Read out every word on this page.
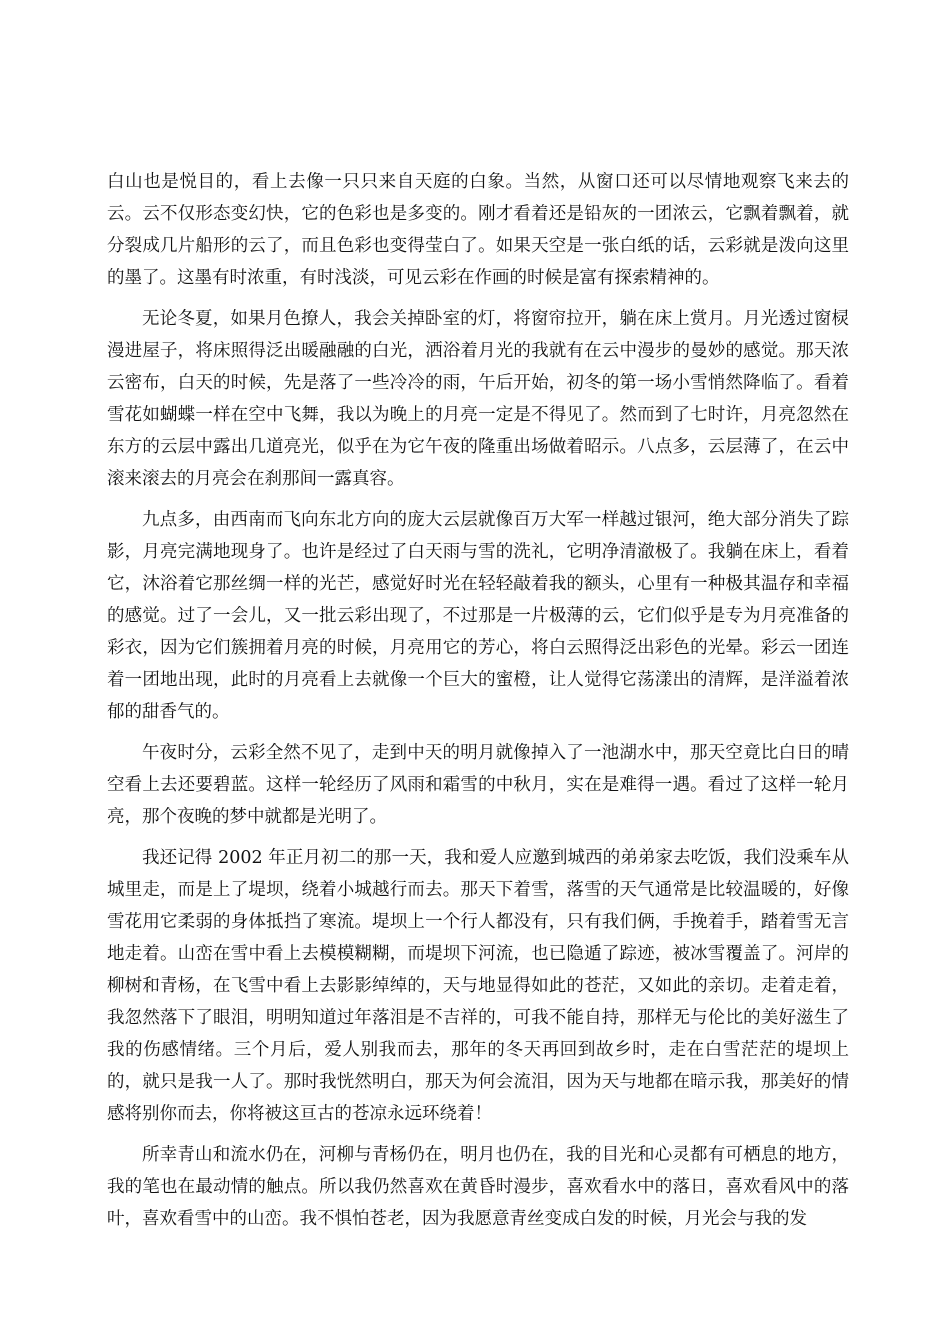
白山也是悦目的，看上去像一只只来自天庭的白象。当然，从窗口还可以尽情地观察飞来去的云。云不仅形态变幻快，它的色彩也是多变的。刚才看着还是铅灰的一团浓云，它飘着飘着，就分裂成几片船形的云了，而且色彩也变得莹白了。如果天空是一张白纸的话，云彩就是泼向这里的墨了。这墨有时浓重，有时浅淡，可见云彩在作画的时候是富有探索精神的。

无论冬夏，如果月色撩人，我会关掉卧室的灯，将窗帘拉开，躺在床上赏月。月光透过窗棂漫进屋子，将床照得泛出暖融融的白光，洒浴着月光的我就有在云中漫步的曼妙的感觉。那天浓云密布，白天的时候，先是落了一些冷冷的雨，午后开始，初冬的第一场小雪悄然降临了。看着雪花如蝴蝶一样在空中飞舞，我以为晚上的月亮一定是不得见了。然而到了七时许，月亮忽然在东方的云层中露出几道亮光，似乎在为它午夜的隆重出场做着昭示。八点多，云层薄了，在云中滚来滚去的月亮会在刹那间一露真容。

九点多，由西南而飞向东北方向的庞大云层就像百万大军一样越过银河，绝大部分消失了踪影，月亮完满地现身了。也许是经过了白天雨与雪的洗礼，它明净清澈极了。我躺在床上，看着它，沐浴着它那丝绸一样的光芒，感觉好时光在轻轻敲着我的额头，心里有一种极其温存和幸福的感觉。过了一会儿，又一批云彩出现了，不过那是一片极薄的云，它们似乎是专为月亮准备的彩衣，因为它们簇拥着月亮的时候，月亮用它的芳心，将白云照得泛出彩色的光晕。彩云一团连着一团地出现，此时的月亮看上去就像一个巨大的蜜橙，让人觉得它荡漾出的清辉，是洋溢着浓郁的甜香气的。

午夜时分，云彩全然不见了，走到中天的明月就像掉入了一池湖水中，那天空竟比白日的晴空看上去还要碧蓝。这样一轮经历了风雨和霜雪的中秋月，实在是难得一遇。看过了这样一轮月亮，那个夜晚的梦中就都是光明了。

我还记得 2002 年正月初二的那一天，我和爱人应邀到城西的弟弟家去吃饭，我们没乘车从城里走，而是上了堤坝，绕着小城越行而去。那天下着雪，落雪的天气通常是比较温暖的，好像雪花用它柔弱的身体抵挡了寒流。堤坝上一个行人都没有，只有我们俩，手挽着手，踏着雪无言地走着。山峦在雪中看上去模模糊糊，而堤坝下河流，也已隐遁了踪迹，被冰雪覆盖了。河岸的柳树和青杨，在飞雪中看上去影影绰绰的，天与地显得如此的苍茫，又如此的亲切。走着走着，我忽然落下了眼泪，明明知道过年落泪是不吉祥的，可我不能自持，那样无与伦比的美好滋生了我的伤感情绪。三个月后，爱人别我而去，那年的冬天再回到故乡时，走在白雪茫茫的堤坝上的，就只是我一人了。那时我恍然明白，那天为何会流泪，因为天与地都在暗示我，那美好的情感将别你而去，你将被这亘古的苍凉永远环绕着！

所幸青山和流水仍在，河柳与青杨仍在，明月也仍在，我的目光和心灵都有可栖息的地方，我的笔也在最动情的触点。所以我仍然喜欢在黄昏时漫步，喜欢看水中的落日，喜欢看风中的落叶，喜欢看雪中的山峦。我不惧怕苍老，因为我愿意青丝变成白发的时候，月光会与我的发
